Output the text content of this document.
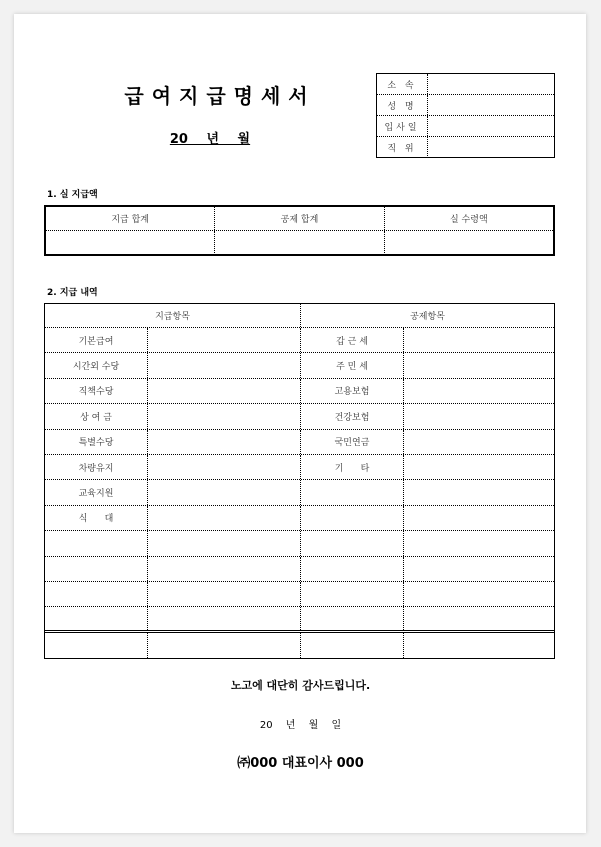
급여지급명세서
20 년 월
소 속
성 명
입사일
직 위
1. 실 지급액
지급 합계	공제 합계	실 수령액
2. 지급 내역
지급항목	공제항목
기본급여	갑 근 세
시간외 수당	주 민 세
직책수당	고용보험
상 여 금	건강보험
특별수당	국민연금
차량유지	기      타
교육지원
식      대
노고에 대단히 감사드립니다.
20 년 월 일
㈜000 대표이사 000
